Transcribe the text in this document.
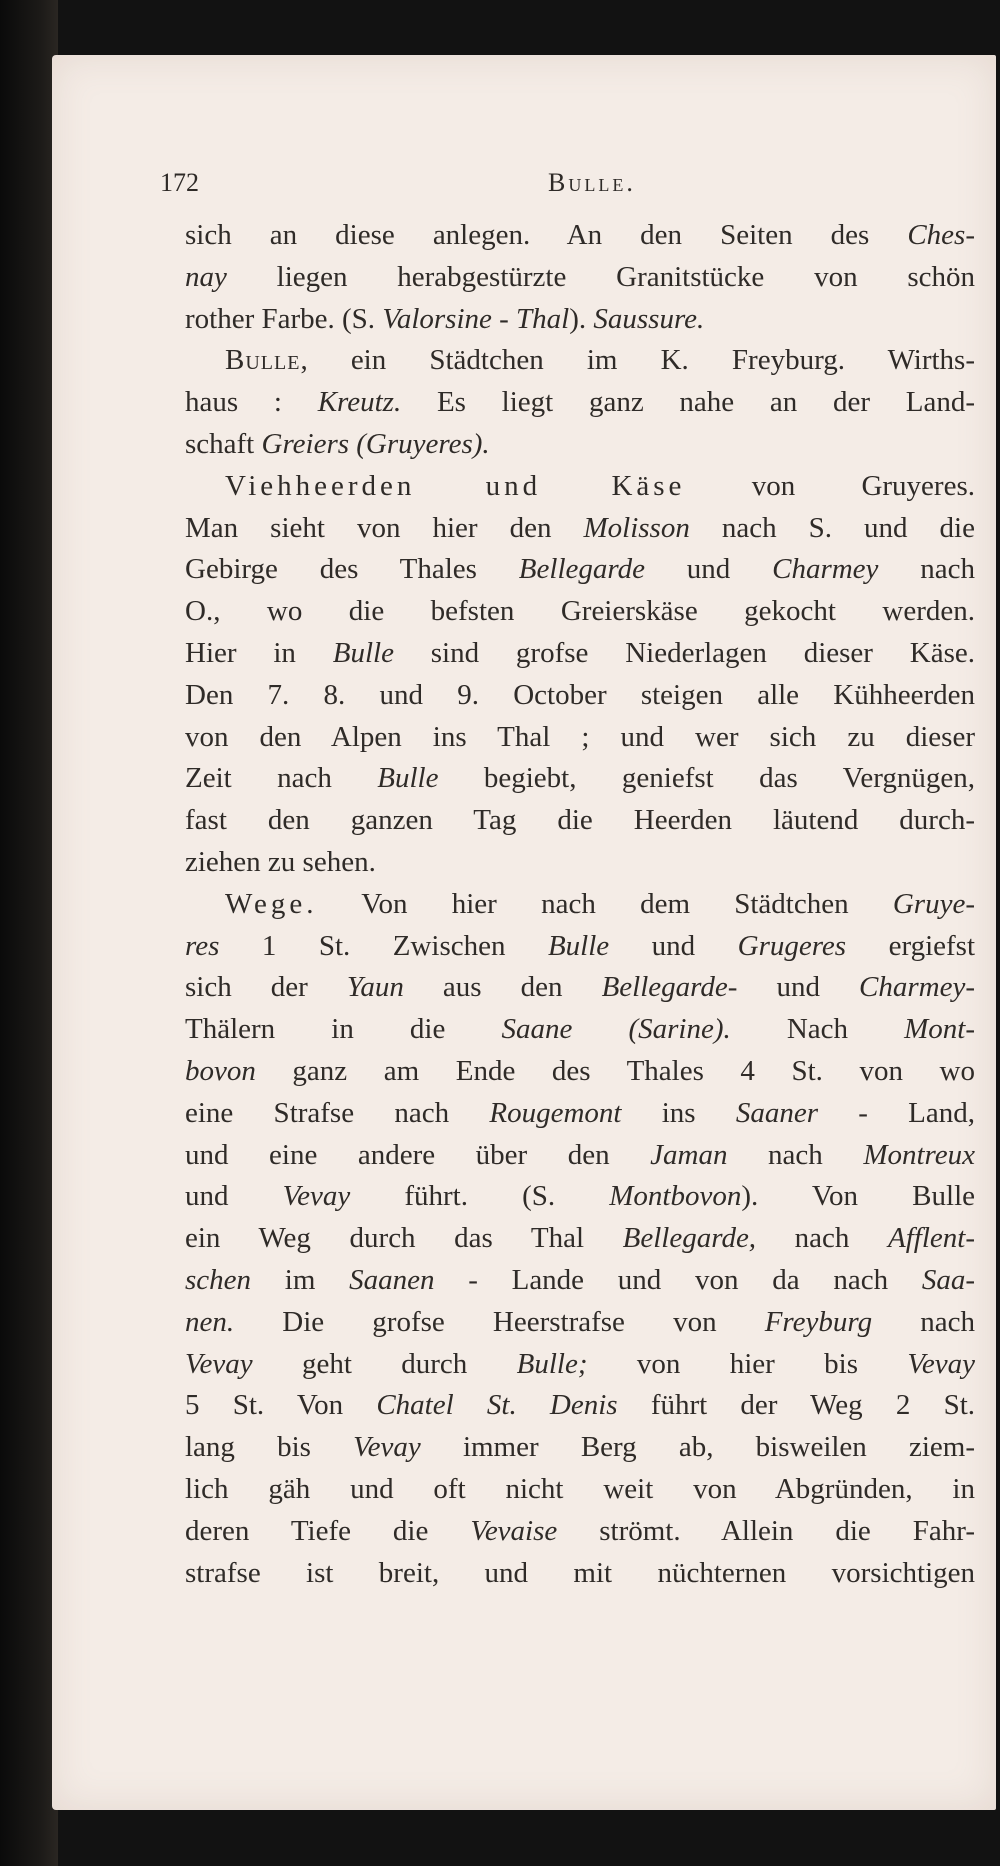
172	Bulle.
sich an diese anlegen. An den Seiten des Ches-
nay liegen herabgestürzte Granitstücke von schön
rother Farbe. (S. Valorsine - Thal). Saussure.
Bulle, ein Städtchen im K. Freyburg. Wirths-
haus : Kreutz. Es liegt ganz nahe an der Land-
schaft Greiers (Gruyeres).
Viehheerden und Käse von Gruyeres.
Man sieht von hier den Molisson nach S. und die
Gebirge des Thales Bellegarde und Charmey nach
O., wo die befsten Greierskäse gekocht werden.
Hier in Bulle sind grofse Niederlagen dieser Käse.
Den 7. 8. und 9. October steigen alle Kühheerden
von den Alpen ins Thal ; und wer sich zu dieser
Zeit nach Bulle begiebt, geniefst das Vergnügen,
fast den ganzen Tag die Heerden läutend durch-
ziehen zu sehen.
Wege. Von hier nach dem Städtchen Gruye-
res 1 St. Zwischen Bulle und Grugeres ergiefst
sich der Yaun aus den Bellegarde- und Charmey-
Thälern in die Saane (Sarine). Nach Mont-
bovon ganz am Ende des Thales 4 St. von wo
eine Strafse nach Rougemont ins Saaner - Land,
und eine andere über den Jaman nach Montreux
und Vevay führt. (S. Montbovon). Von Bulle
ein Weg durch das Thal Bellegarde, nach Afflent-
schen im Saanen - Lande und von da nach Saa-
nen. Die grofse Heerstrafse von Freyburg nach
Vevay geht durch Bulle; von hier bis Vevay
5 St. Von Chatel St. Denis führt der Weg 2 St.
lang bis Vevay immer Berg ab, bisweilen ziem-
lich gäh und oft nicht weit von Abgründen, in
deren Tiefe die Vevaise strömt. Allein die Fahr-
strafse ist breit, und mit nüchternen vorsichtigen
